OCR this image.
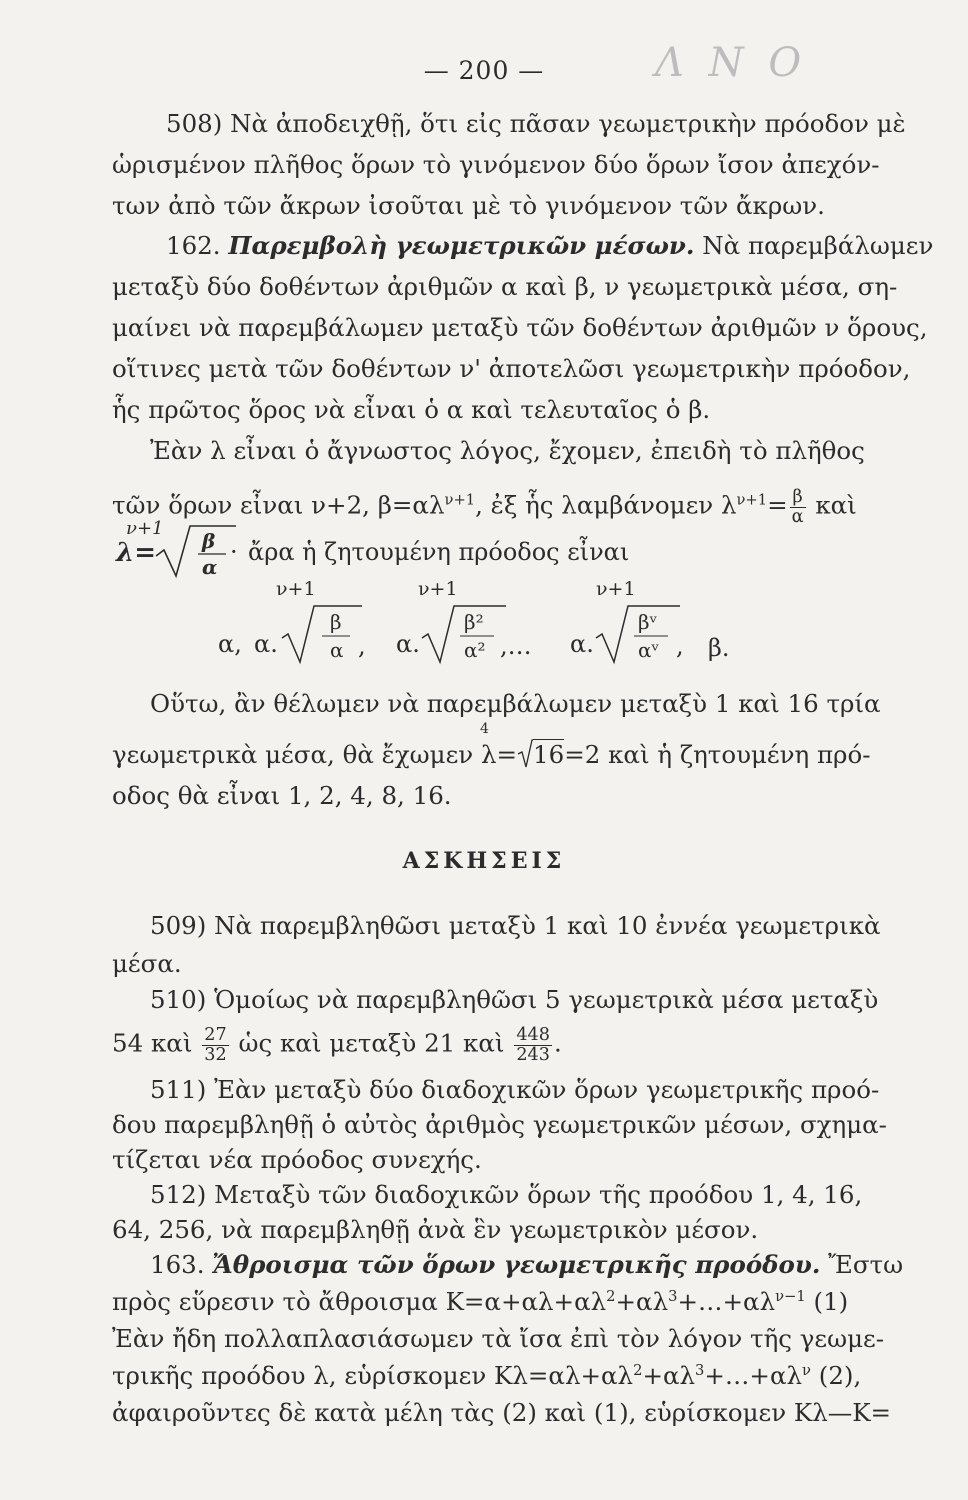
— 200 —	Λ Ν Ο
508) Νὰ ἀποδειχθῇ, ὅτι εἰς πᾶσαν γεωμετρικὴν πρόοδον μὲ
ὡρισμένον πλῆθος ὅρων τὸ γινόμενον δύο ὅρων ἴσον ἀπεχόν-
των ἀπὸ τῶν ἄκρων ἰσοῦται μὲ τὸ γινόμενον τῶν ἄκρων.
162. Παρεμβολὴ γεωμετρικῶν μέσων. Νὰ παρεμβάλωμεν
μεταξὺ δύο δοθέντων ἀριθμῶν α καὶ β, ν γεωμετρικὰ μέσα, ση-
μαίνει νὰ παρεμβάλωμεν μεταξὺ τῶν δοθέντων ἀριθμῶν ν ὅρους,
οἵτινες μετὰ τῶν δοθέντων ν' ἀποτελῶσι γεωμετρικὴν πρόοδον,
ἧς πρῶτος ὅρος νὰ εἶναι ὁ α καὶ τελευταῖος ὁ β.
Ἐὰν λ εἶναι ὁ ἄγνωστος λόγος, ἔχομεν, ἐπειδὴ τὸ πλῆθος
τῶν ὅρων εἶναι ν+2, $\beta=\alpha\lambda^{\nu+1}$, ἐξ ἧς λαμβάνομεν $\lambda^{\nu+1}= \frac{\beta}{\alpha}$ καὶ
ν+1
λ= β
α
· ἄρα ἡ ζητουμένη πρόοδος εἶναι
ν+1	ν+1	ν+1
α, α.
β
α , α.
β²
α² ,… α.
βᵛ
αᵛ , β.
Οὕτω, ἂν θέλωμεν νὰ παρεμβάλωμεν μεταξὺ 1 καὶ 16 τρία
4
γεωμετρικὰ μέσα, θὰ ἔχωμεν λ= 16=2 καὶ ἡ ζητουμένη πρό-
οδος θὰ εἶναι 1, 2, 4, 8, 16.
ΑΣΚΗΣΕΙΣ
509) Νὰ παρεμβληθῶσι μεταξὺ 1 καὶ 10 ἐννέα γεωμετρικὰ
μέσα.
510) Ὁμοίως νὰ παρεμβληθῶσι 5 γεωμετρικὰ μέσα μεταξὺ
54 καὶ $\frac{27}{32}$ ὡς καὶ μεταξὺ 21 καὶ $\frac{448}{243}$ .
511) Ἐὰν μεταξὺ δύο διαδοχικῶν ὅρων γεωμετρικῆς προό-
δου παρεμβληθῇ ὁ αὐτὸς ἀριθμὸς γεωμετρικῶν μέσων, σχημα-
τίζεται νέα πρόοδος συνεχής.
512) Μεταξὺ τῶν διαδοχικῶν ὅρων τῆς προόδου 1, 4, 16,
64, 256, νὰ παρεμβληθῇ ἀνὰ ἓν γεωμετρικὸν μέσον.
163. Ἄθροισμα τῶν ὅρων γεωμετρικῆς προόδου. Ἔστω
πρὸς εὕρεσιν τὸ ἄθροισμα $K=\alpha+\alpha\lambda+\alpha\lambda^2+\alpha\lambda^3+\dots+\alpha\lambda^{\nu-1}$ (1)
Ἐὰν ἤδη πολλαπλασιάσωμεν τὰ ἴσα ἐπὶ τὸν λόγον τῆς γεωμε-
τρικῆς προόδου λ, εὑρίσκομεν $K\lambda=\alpha\lambda+\alpha\lambda^2+\alpha\lambda^3+\dots+\alpha\lambda^\nu$ (2),
ἀφαιροῦντες δὲ κατὰ μέλη τὰς (2) καὶ (1), εὑρίσκομεν Κλ—Κ=
